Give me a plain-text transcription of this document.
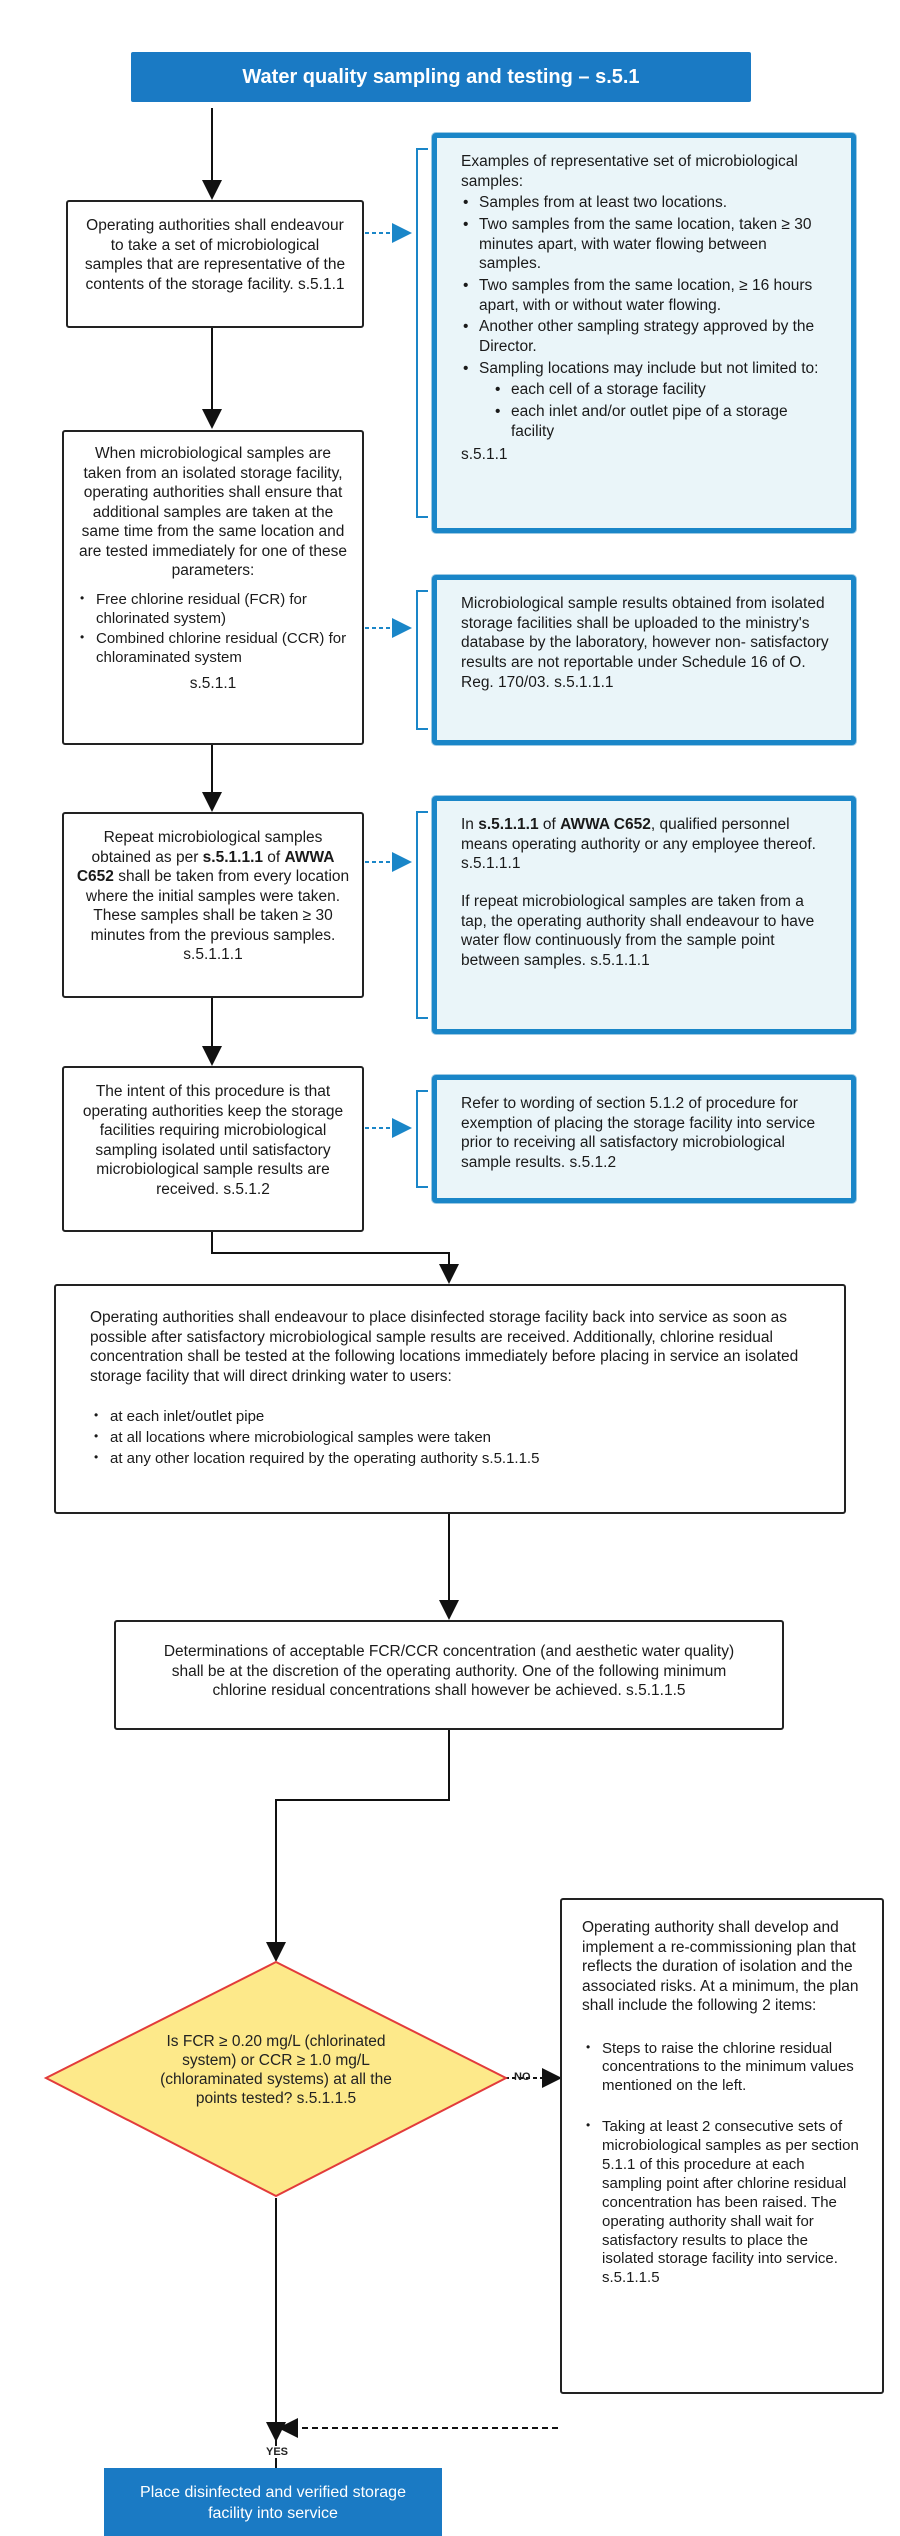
Water quality sampling and testing – s.5.1
Operating authorities shall endeavour to take a set of microbiological samples that are representative of the contents of the storage facility. s.5.1.1
Examples of representative set of microbiological samples:
• Samples from at least two locations.
• Two samples from the same location, taken ≥ 30 minutes apart, with water flowing between samples.
• Two samples from the same location, ≥ 16 hours apart, with or without water flowing.
• Another other sampling strategy approved by the Director.
• Sampling locations may include but not limited to:
• each cell of a storage facility
• each inlet and/or outlet pipe of a storage facility
s.5.1.1
When microbiological samples are taken from an isolated storage facility, operating authorities shall ensure that additional samples are taken at the same time from the same location and are tested immediately for one of these parameters:
• Free chlorine residual (FCR) for chlorinated system)
• Combined chlorine residual (CCR) for chloraminated system
s.5.1.1
Microbiological sample results obtained from isolated storage facilities shall be uploaded to the ministry's database by the laboratory, however non- satisfactory results are not reportable under Schedule 16 of O. Reg. 170/03. s.5.1.1.1
Repeat microbiological samples obtained as per s.5.1.1.1 of AWWA C652 shall be taken from every location where the initial samples were taken. These samples shall be taken ≥ 30 minutes from the previous samples. s.5.1.1.1
In s.5.1.1.1 of AWWA C652, qualified personnel means operating authority or any employee thereof. s.5.1.1.1
If repeat microbiological samples are taken from a tap, the operating authority shall endeavour to have water flow continuously from the sample point between samples. s.5.1.1.1
The intent of this procedure is that operating authorities keep the storage facilities requiring microbiological sampling isolated until satisfactory microbiological sample results are received. s.5.1.2
Refer to wording of section 5.1.2 of procedure for exemption of placing the storage facility into service prior to receiving all satisfactory microbiological sample results. s.5.1.2
Operating authorities shall endeavour to place disinfected storage facility back into service as soon as possible after satisfactory microbiological sample results are received. Additionally, chlorine residual concentration shall be tested at the following locations immediately before placing in service an isolated storage facility that will direct drinking water to users:
• at each inlet/outlet pipe
• at all locations where microbiological samples were taken
• at any other location required by the operating authority s.5.1.1.5
Determinations of acceptable FCR/CCR concentration (and aesthetic water quality) shall be at the discretion of the operating authority. One of the following minimum chlorine residual concentrations shall however be achieved. s.5.1.1.5
Is FCR ≥ 0.20 mg/L (chlorinated system) or CCR ≥ 1.0 mg/L (chloraminated systems) at all the points tested? s.5.1.1.5
NO
YES
Operating authority shall develop and implement a re-commissioning plan that reflects the duration of isolation and the associated risks. At a minimum, the plan shall include the following 2 items:
• Steps to raise the chlorine residual concentrations to the minimum values mentioned on the left.
• Taking at least 2 consecutive sets of microbiological samples as per section 5.1.1 of this procedure at each sampling point after chlorine residual concentration has been raised. The operating authority shall wait for satisfactory results to place the isolated storage facility into service. s.5.1.1.5
Place disinfected and verified storage facility into service
